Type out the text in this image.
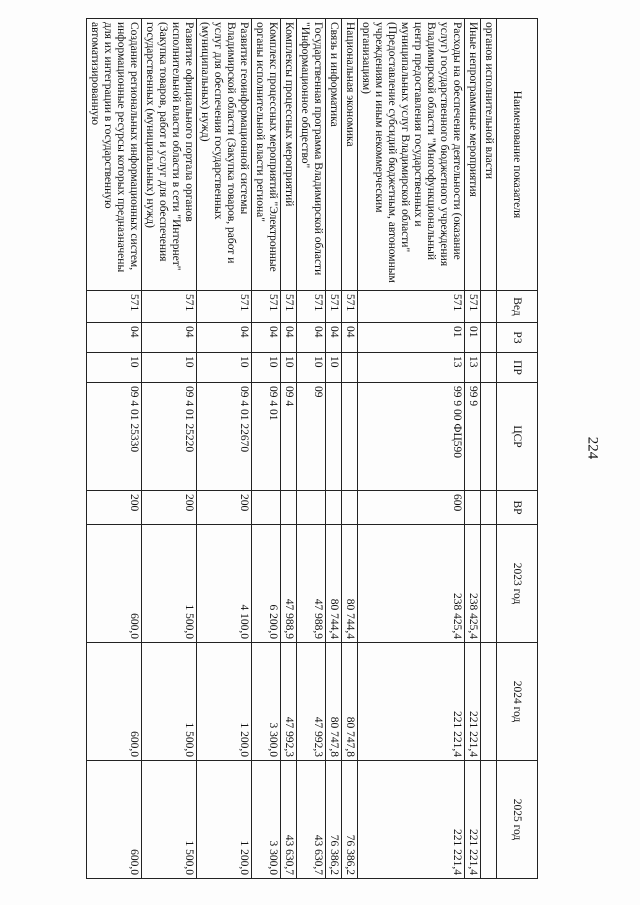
224
Наименование показателя	Вед	РЗ	ПР	ЦСР	ВР	2023 год	2024 год	2025 год
органов исполнительной власти								
Иные непрограммные мероприятия	571	01	13	99 9		238 425,4	221 221,4	221 221,4
Расходы на обеспечение деятельности (оказание услуг) государственного бюджетного учреждения Владимирской области "Многофункциональный центр предоставления государственных и муниципальных услуг Владимирской области" (Предоставление субсидий бюджетным, автономным учреждениям и иным некоммерческим организациям)	571	01	13	99 9 00 ФЦ590	600	238 425,4	221 221,4	221 221,4
Национальная экономика	571	04				80 744,4	80 747,8	76 386,2
Связь и информатика	571	04	10			80 744,4	80 747,8	76 386,2
Государственная программа Владимирской области "Информационное общество"	571	04	10	09		47 988,9	47 992,3	43 630,7
Комплексы процессных мероприятий	571	04	10	09 4		47 988,9	47 992,3	43 630,7
Комплекс процессных мероприятий "Электронные органы исполнительной власти региона"	571	04	10	09 4 01		6 200,0	3 300,0	3 300,0
Развитие геоинформационной системы Владимирской области (Закупка товаров, работ и услуг для обеспечения государственных (муниципальных) нужд)	571	04	10	09 4 01 22670	200	4 100,0	1 200,0	1 200,0
Развитие официального портала органов исполнительной власти области в сети "Интернет" (Закупка товаров, работ и услуг для обеспечения государственных (муниципальных) нужд)	571	04	10	09 4 01 25220	200	1 500,0	1 500,0	1 500,0
Создание региональных информационных систем, информационные ресурсы которых предназначены для их интеграции в государственную автоматизированную	571	04	10	09 4 01 25330	200	600,0	600,0	600,0
